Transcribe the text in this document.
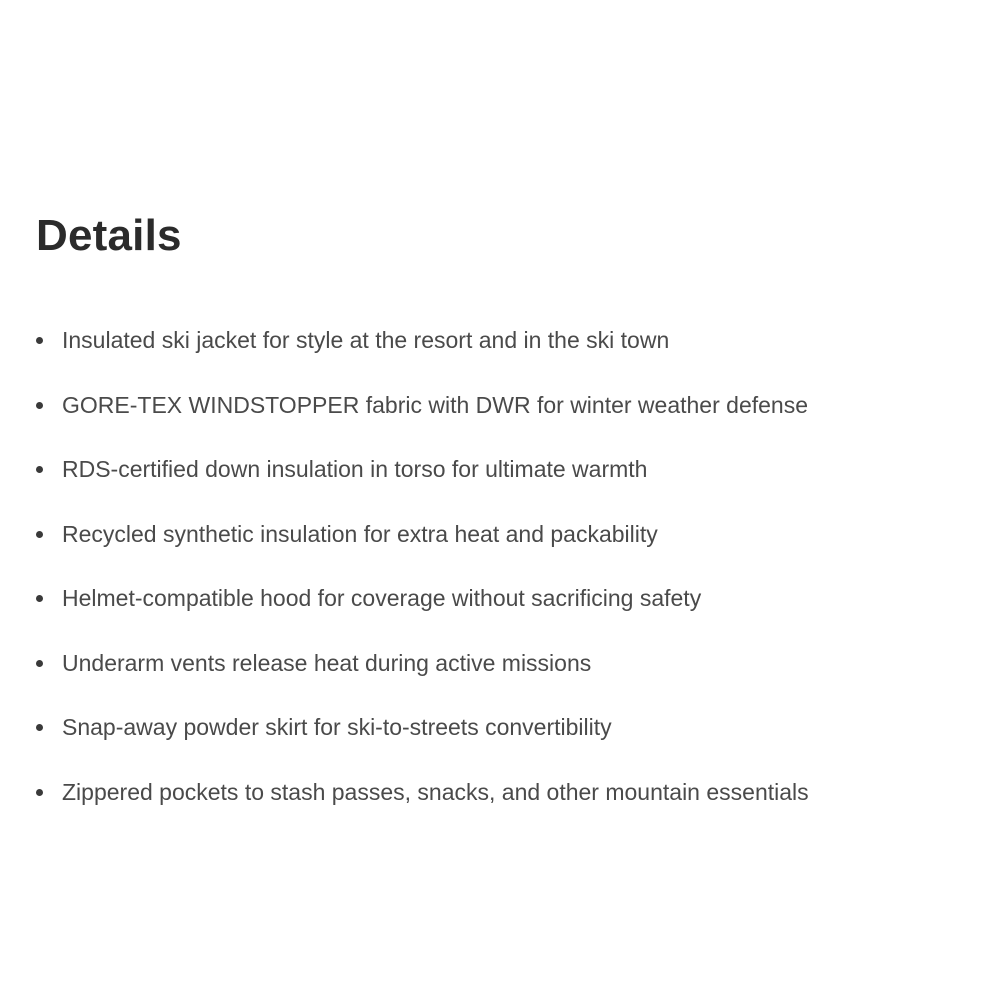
Details
Insulated ski jacket for style at the resort and in the ski town
GORE-TEX WINDSTOPPER fabric with DWR for winter weather defense
RDS-certified down insulation in torso for ultimate warmth
Recycled synthetic insulation for extra heat and packability
Helmet-compatible hood for coverage without sacrificing safety
Underarm vents release heat during active missions
Snap-away powder skirt for ski-to-streets convertibility
Zippered pockets to stash passes, snacks, and other mountain essentials
